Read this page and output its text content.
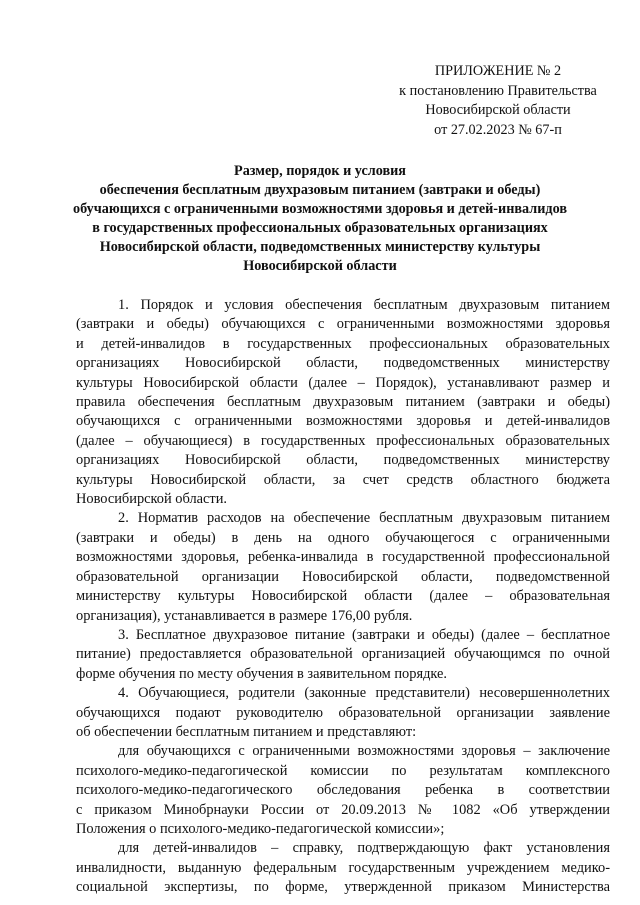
ПРИЛОЖЕНИЕ № 2
к постановлению Правительства
Новосибирской области
от 27.02.2023 № 67-п
Размер, порядок и условия
обеспечения бесплатным двухразовым питанием (завтраки и обеды)
обучающихся с ограниченными возможностями здоровья и детей-инвалидов
в государственных профессиональных образовательных организациях
Новосибирской области, подведомственных министерству культуры
Новосибирской области

1. Порядок и условия обеспечения бесплатным двухразовым питанием
(завтраки и обеды) обучающихся с ограниченными возможностями здоровья
и детей-инвалидов в государственных профессиональных образовательных
организациях Новосибирской области, подведомственных министерству
культуры Новосибирской области (далее – Порядок), устанавливают размер и
правила обеспечения бесплатным двухразовым питанием (завтраки и обеды)
обучающихся с ограниченными возможностями здоровья и детей-инвалидов
(далее – обучающиеся) в государственных профессиональных образовательных
организациях Новосибирской области, подведомственных министерству
культуры Новосибирской области, за счет средств областного бюджета
Новосибирской области.

2. Норматив расходов на обеспечение бесплатным двухразовым питанием
(завтраки и обеды) в день на одного обучающегося с ограниченными
возможностями здоровья, ребенка-инвалида в государственной профессиональной
образовательной организации Новосибирской области, подведомственной
министерству культуры Новосибирской области (далее – образовательная
организация), устанавливается в размере 176,00 рубля.

3. Бесплатное двухразовое питание (завтраки и обеды) (далее – бесплатное
питание) предоставляется образовательной организацией обучающимся по очной
форме обучения по месту обучения в заявительном порядке.

4. Обучающиеся, родители (законные представители) несовершеннолетних
обучающихся подают руководителю образовательной организации заявление
об обеспечении бесплатным питанием и представляют:

для обучающихся с ограниченными возможностями здоровья – заключение
психолого-медико-педагогической комиссии по результатам комплексного
психолого-медико-педагогического обследования ребенка в соответствии
с приказом Минобрнауки России от 20.09.2013 № 1082 «Об утверждении
Положения о психолого-медико-педагогической комиссии»;

для детей-инвалидов – справку, подтверждающую факт установления
инвалидности, выданную федеральным государственным учреждением медико-
социальной экспертизы, по форме, утвержденной приказом Министерства
